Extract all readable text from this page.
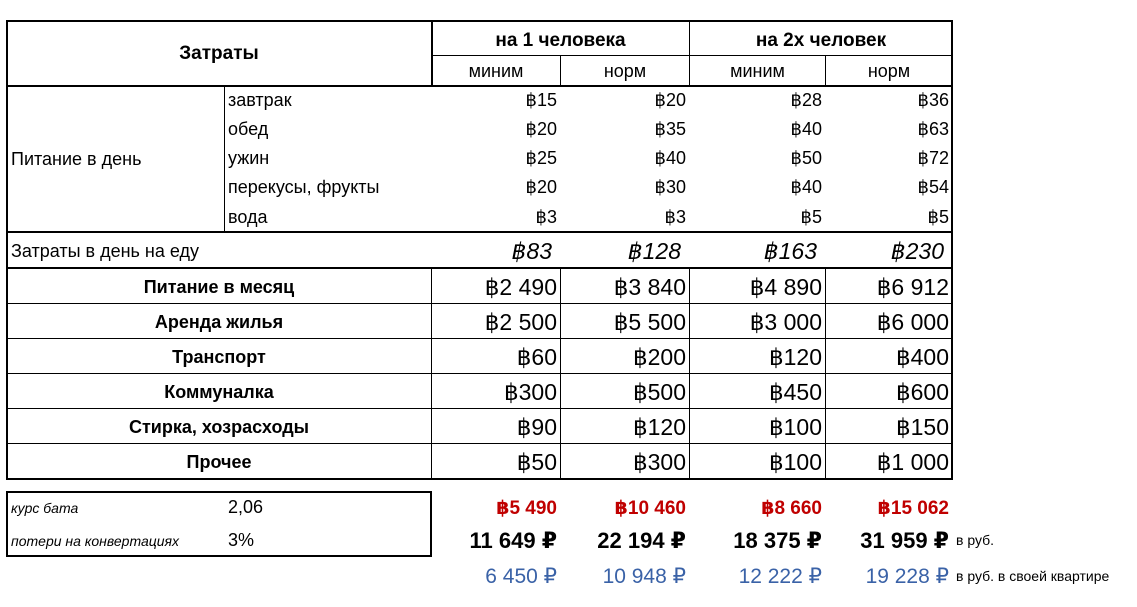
Затраты
на 1 человека	на 2х человек
миним	норм	миним	норм
Питание в день
завтрак	฿15	฿20	฿28	฿36
обед	฿20	฿35	฿40	฿63
ужин	฿25	฿40	฿50	฿72
перекусы, фрукты	฿20	฿30	฿40	฿54
вода	฿3	฿3	฿5	฿5
Затраты в день на еду	฿83	฿128	฿163	฿230
Питание в месяц	฿2 490	฿3 840	฿4 890	฿6 912
Аренда жилья	฿2 500	฿5 500	฿3 000	฿6 000
Транспорт	฿60	฿200	฿120	฿400
Коммуналка	฿300	฿500	฿450	฿600
Стирка, хозрасходы	฿90	฿120	฿100	฿150
Прочее	฿50	฿300	฿100	฿1 000
курс бата	2,06
потери на конвертациях	3%
฿5 490	฿10 460	฿8 660	฿15 062
11 649 ₽	22 194 ₽	18 375 ₽	31 959 ₽ в руб.
6 450 ₽	10 948 ₽	12 222 ₽	19 228 ₽ в руб. в своей квартире
